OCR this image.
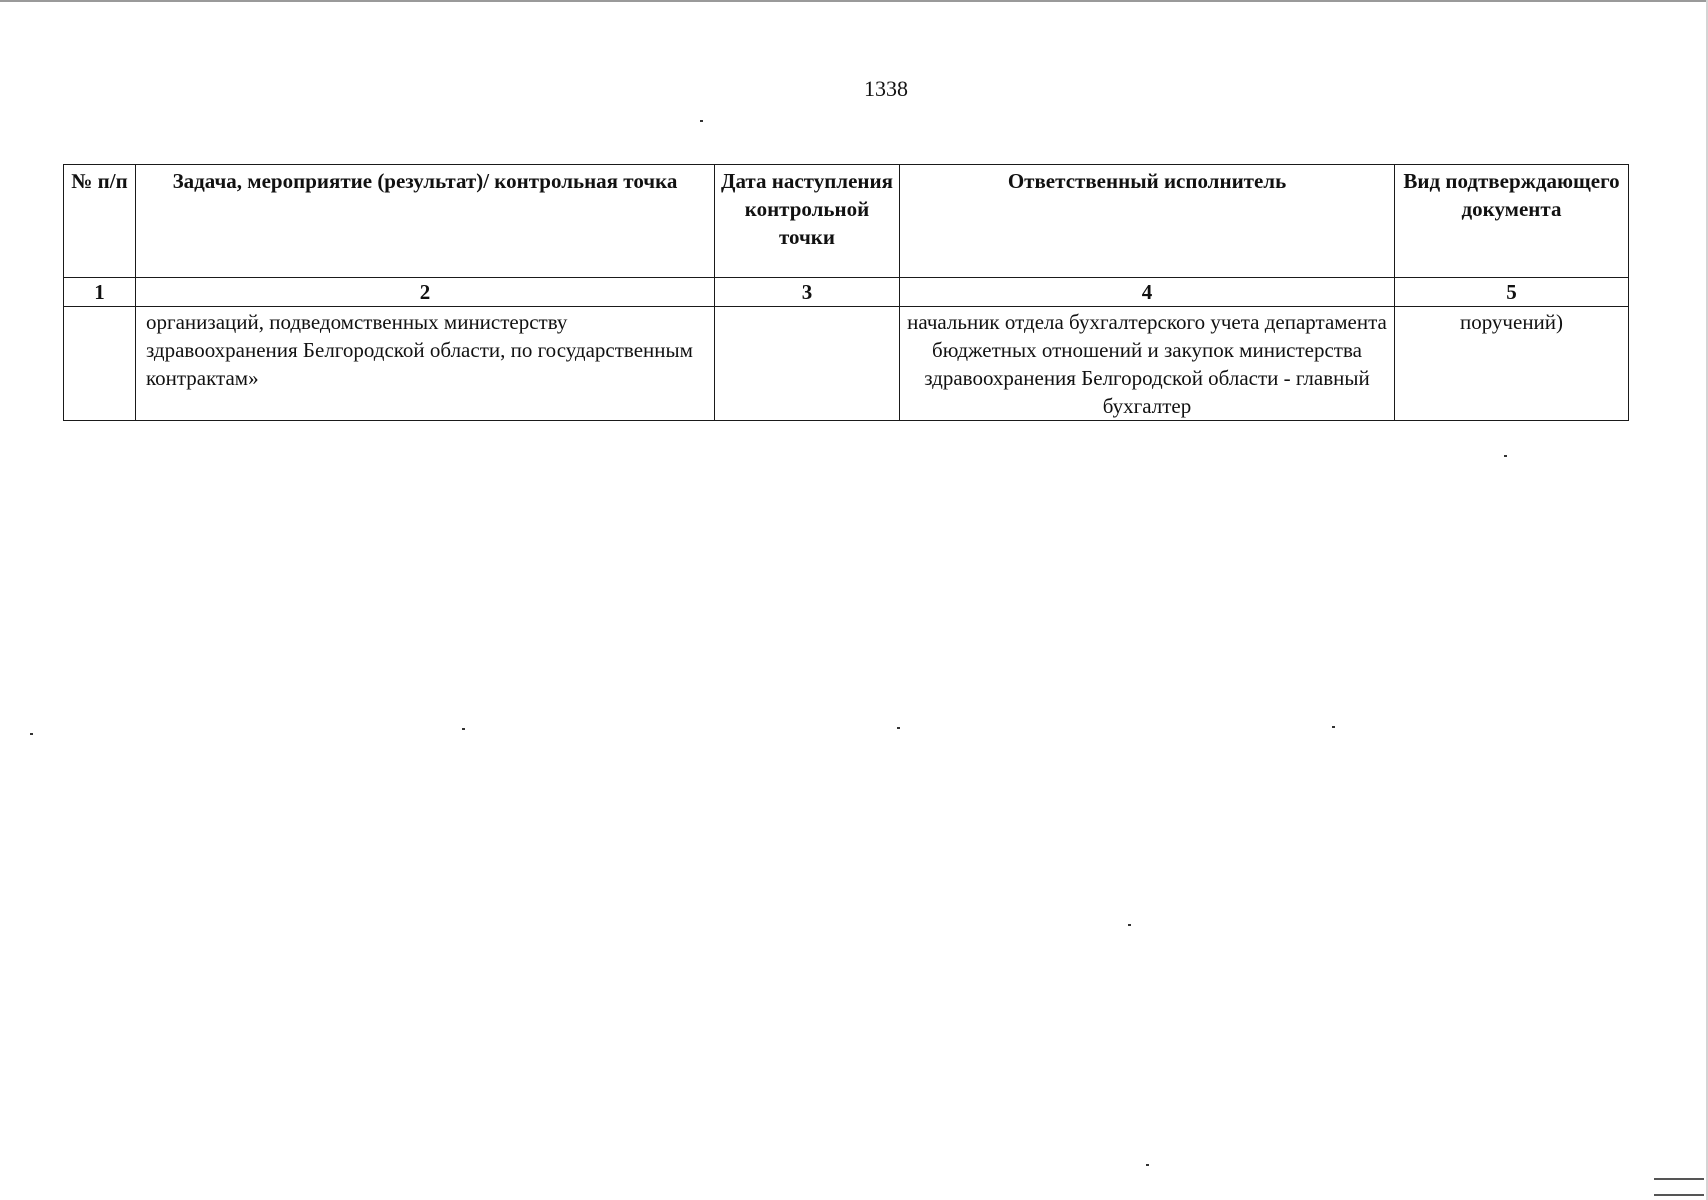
1338
№ п/п	Задача, мероприятие (результат)/ контрольная точка	Дата наступления контрольной точки	Ответственный исполнитель	Вид подтверждающего документа
1	2	3	4	5
	организаций, подведомственных министерству здравоохранения Белгородской области, по государственным контрактам»		начальник отдела бухгалтерского учета департамента бюджетных отношений и закупок министерства здравоохранения Белгородской области - главный бухгалтер	поручений)
